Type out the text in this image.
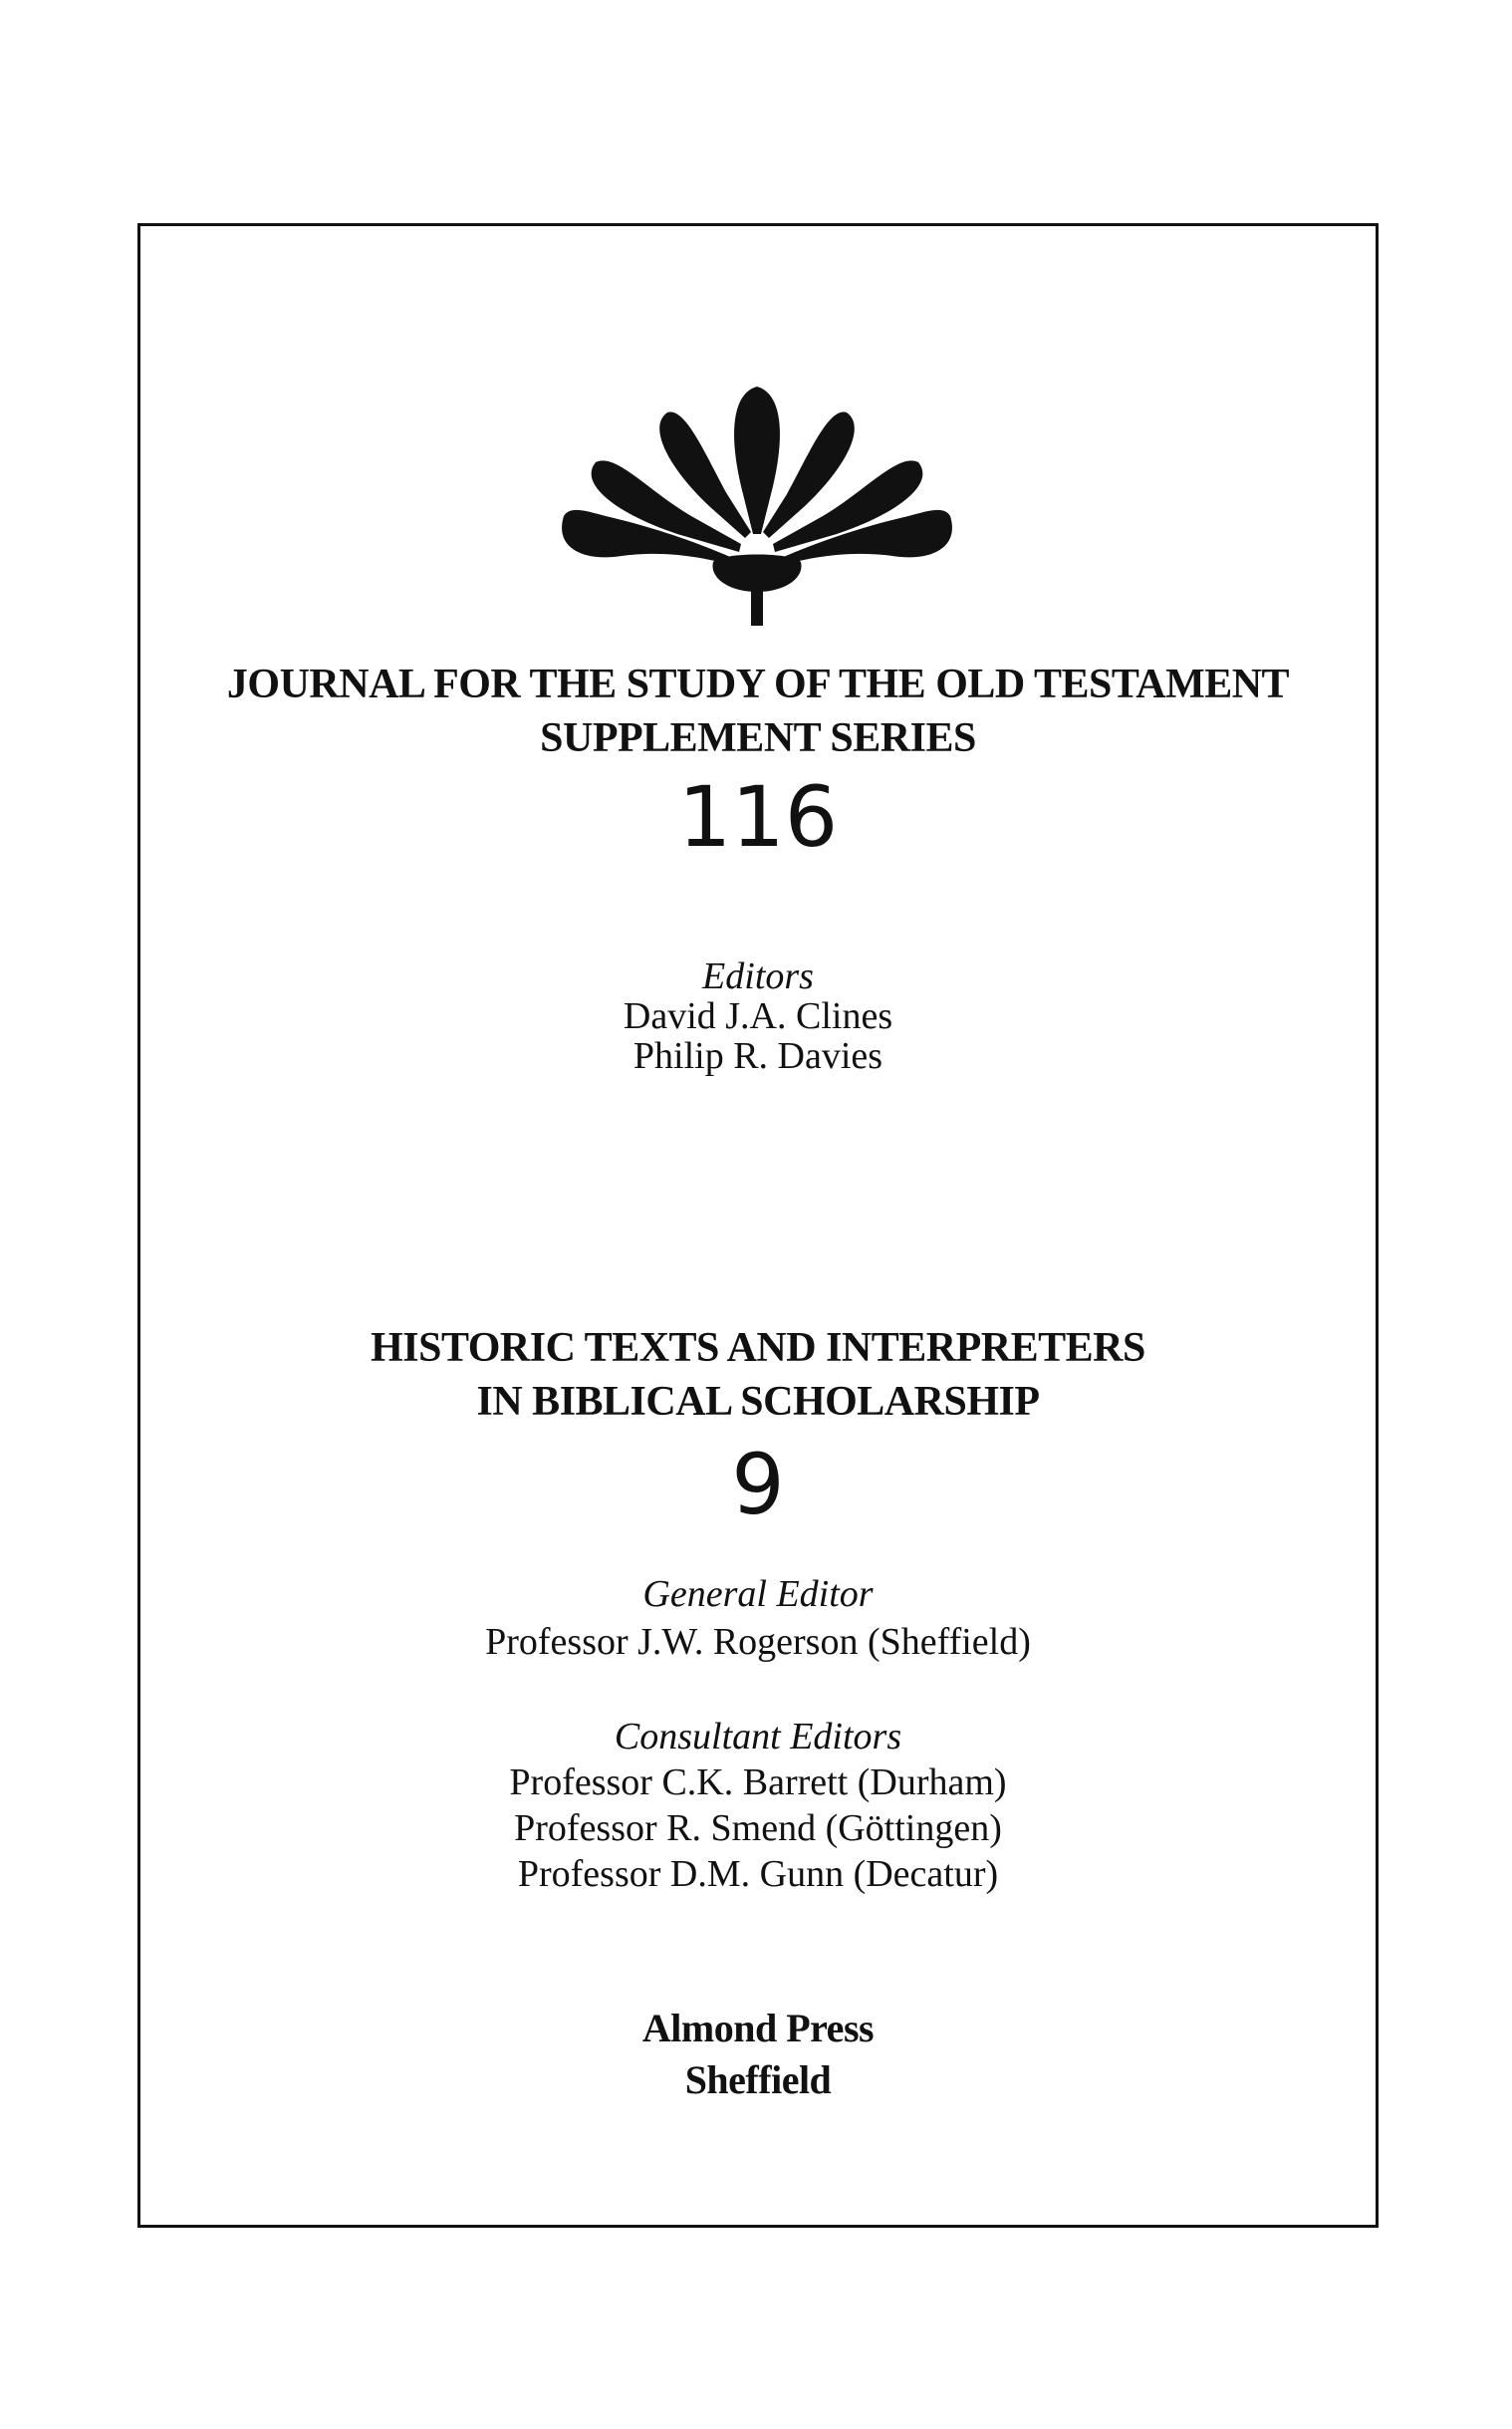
JOURNAL FOR THE STUDY OF THE OLD TESTAMENT
SUPPLEMENT SERIES
116
Editors
David J.A. Clines
Philip R. Davies
HISTORIC TEXTS AND INTERPRETERS
IN BIBLICAL SCHOLARSHIP
9
General Editor
Professor J.W. Rogerson (Sheffield)
Consultant Editors
Professor C.K. Barrett (Durham)
Professor R. Smend (Göttingen)
Professor D.M. Gunn (Decatur)
Almond Press
Sheffield
